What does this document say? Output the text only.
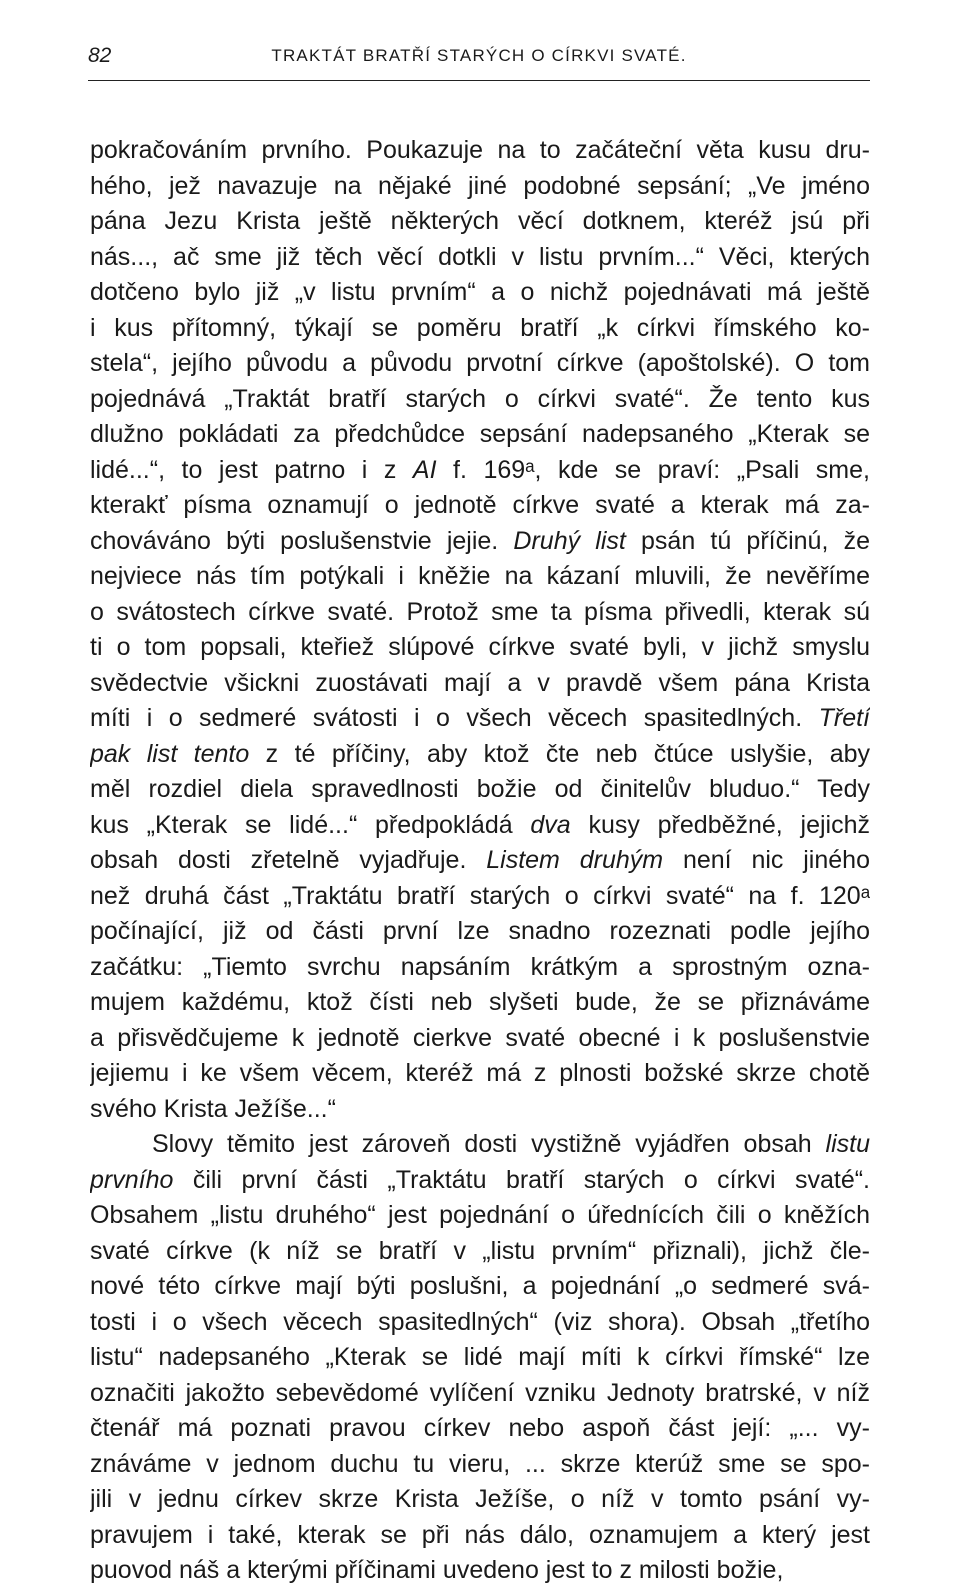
82	TRAKTÁT BRATŘÍ STARÝCH O CÍRKVI SVATÉ.
pokračováním prvního. Poukazuje na to začáteční věta kusu dru-
hého, jež navazuje na nějaké jiné podobné sepsání; „Ve jméno
pána Jezu Krista ještě některých věcí dotknem, kteréž jsú při
nás..., ač sme již těch věcí dotkli v listu prvním...“ Věci, kterých
dotčeno bylo již „v listu prvním“ a o nichž pojednávati má ještě
i kus přítomný, týkají se poměru bratří „k církvi římského ko-
stela“, jejího původu a původu prvotní církve (apoštolské). O tom
pojednává „Traktát bratří starých o církvi svaté“. Že tento kus
dlužno pokládati za předchůdce sepsání nadepsaného „Kterak se
lidé...“, to jest patrno i z AI f. 169ᵃ, kde se praví: „Psali sme,
kterakť písma oznamují o jednotě církve svaté a kterak má za-
chováváno býti poslušenstvie jejie. Druhý list psán tú příčinú, že
nejviece nás tím potýkali i kněžie na kázaní mluvili, že nevěříme
o svátostech církve svaté. Protož sme ta písma přivedli, kterak sú
ti o tom popsali, kteřiež slúpové církve svaté byli, v jichž smyslu
svědectvie všickni zuostávati mají a v pravdě všem pána Krista
míti i o sedmeré svátosti i o všech věcech spasitedlných. Třetí
pak list tento z té příčiny, aby ktož čte neb čtúce uslyšie, aby
měl rozdiel diela spravedlnosti božie od činitelův bluduo.“ Tedy
kus „Kterak se lidé...“ předpokládá dva kusy předběžné, jejichž
obsah dosti zřetelně vyjadřuje. Listem druhým není nic jiného
než druhá část „Traktátu bratří starých o církvi svaté“ na f. 120ᵃ
počínající, již od části první lze snadno rozeznati podle jejího
začátku: „Tiemto svrchu napsáním krátkým a sprostným ozna-
mujem každému, ktož čísti neb slyšeti bude, že se přiznáváme
a přisvědčujeme k jednotě cierkve svaté obecné i k poslušenstvie
jejiemu i ke všem věcem, kteréž má z plnosti božské skrze chotě
svého Krista Ježíše...“
Slovy těmito jest zároveň dosti vystižně vyjádřen obsah listu
prvního čili první části „Traktátu bratří starých o církvi svaté“.
Obsahem „listu druhého“ jest pojednání o úřednících čili o kněžích
svaté církve (k níž se bratří v „listu prvním“ přiznali), jichž čle-
nové této církve mají býti poslušni, a pojednání „o sedmeré svá-
tosti i o všech věcech spasitedlných“ (viz shora). Obsah „třetího
listu“ nadepsaného „Kterak se lidé mají míti k církvi římské“ lze
označiti jakožto sebevědomé vylíčení vzniku Jednoty bratrské, v níž
čtenář má poznati pravou církev nebo aspoň část její: „... vy-
znáváme v jednom duchu tu vieru, ... skrze kterúž sme se spo-
jili v jednu církev skrze Krista Ježíše, o níž v tomto psání vy-
pravujem i také, kterak se při nás dálo, oznamujem a který jest
puovod náš a kterými příčinami uvedeno jest to z milosti božie,
